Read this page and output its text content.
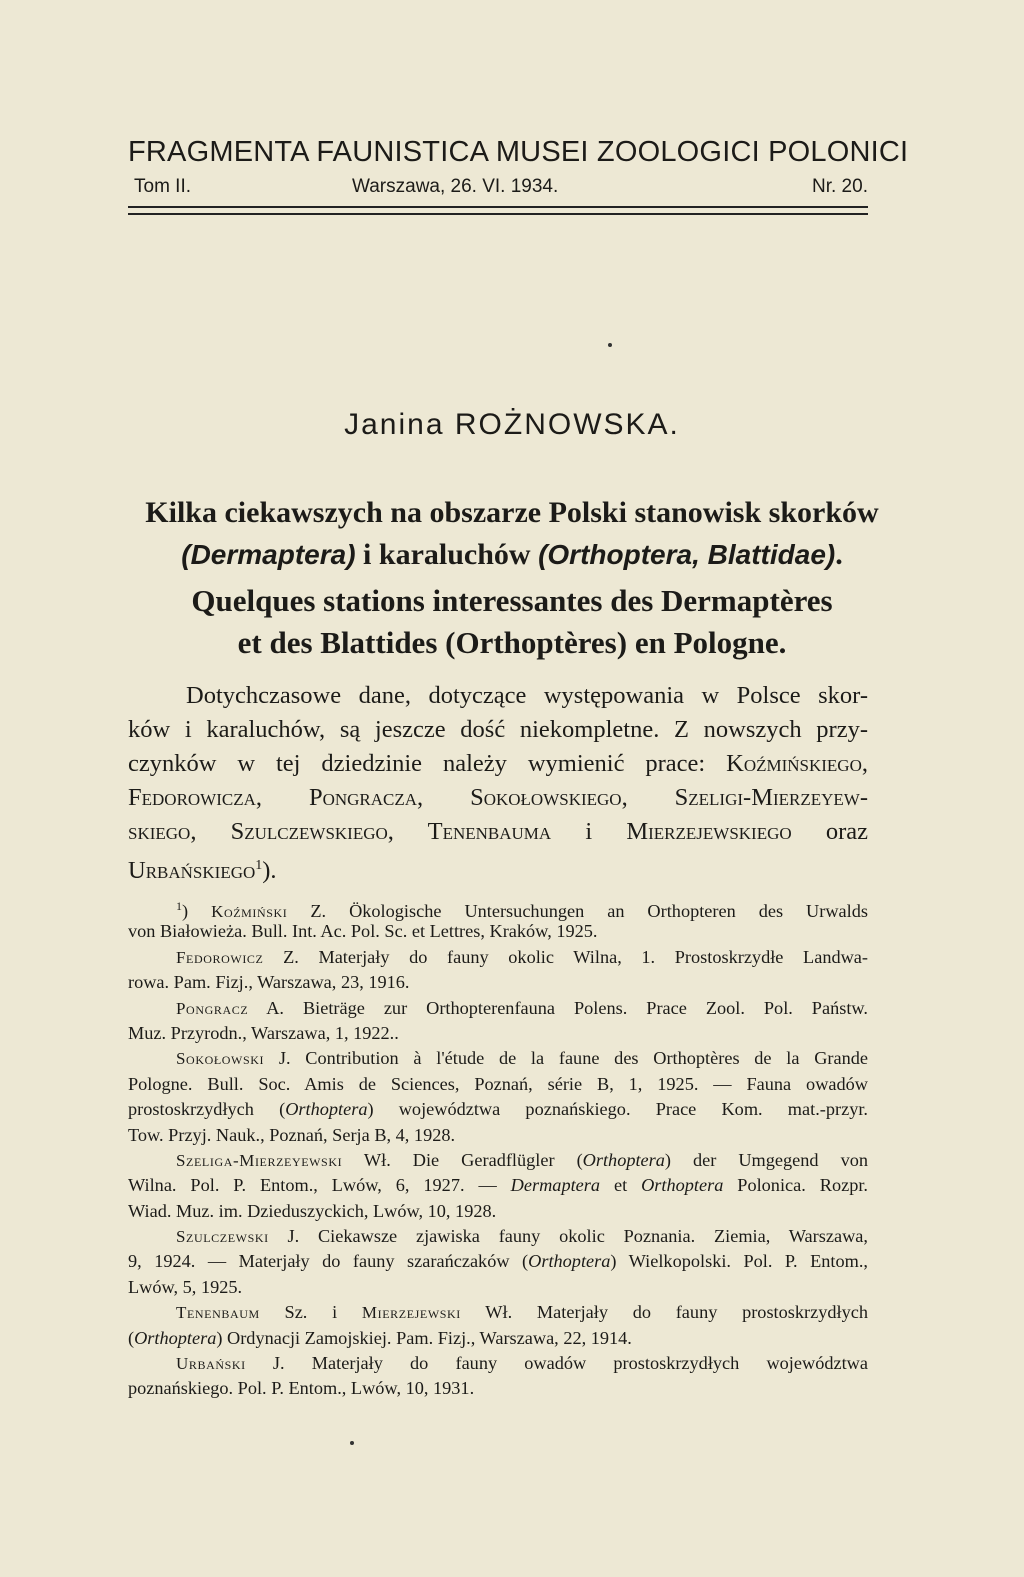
FRAGMENTA FAUNISTICA MUSEI ZOOLOGICI POLONICI
Tom II.	Warszawa, 26. VI. 1934.	Nr. 20.
Janina ROŻNOWSKA.
Kilka ciekawszych na obszarze Polski stanowisk skorków
(Dermaptera) i karaluchów (Orthoptera, Blattidae).
Quelques stations interessantes des Dermaptères
et des Blattides (Orthoptères) en Pologne.
Dotychczasowe dane, dotyczące występowania w Polsce skor-
ków i karaluchów, są jeszcze dość niekompletne. Z nowszych przy-
czynków w tej dziedzinie należy wymienić prace: Koźmińskiego,
Fedorowicza, Pongracza, Sokołowskiego, Szeligi-Mierzeyew-
skiego, Szulczewskiego, Tenenbauma i Mierzejewskiego oraz
Urbańskiego$^1$).
$^1$) Koźmiński Z. Ökologische Untersuchungen an Orthopteren des Urwalds
von Białowieża. Bull. Int. Ac. Pol. Sc. et Lettres, Kraków, 1925.
Fedorowicz Z. Materjały do fauny okolic Wilna, 1. Prostoskrzydłe Landwa-
rowa. Pam. Fizj., Warszawa, 23, 1916.
Pongracz A. Bieträge zur Orthopterenfauna Polens. Prace Zool. Pol. Państw.
Muz. Przyrodn., Warszawa, 1, 1922..
Sokołowski J. Contribution à l'étude de la faune des Orthoptères de la Grande
Pologne. Bull. Soc. Amis de Sciences, Poznań, série B, 1, 1925. — Fauna owadów
prostoskrzydłych (Orthoptera) województwa poznańskiego. Prace Kom. mat.-przyr.
Tow. Przyj. Nauk., Poznań, Serja B, 4, 1928.
Szeliga-Mierzeyewski Wł. Die Geradflügler (Orthoptera) der Umgegend von
Wilna. Pol. P. Entom., Lwów, 6, 1927. — Dermaptera et Orthoptera Polonica. Rozpr.
Wiad. Muz. im. Dzieduszyckich, Lwów, 10, 1928.
Szulczewski J. Ciekawsze zjawiska fauny okolic Poznania. Ziemia, Warszawa,
9, 1924. — Materjały do fauny szarańczaków (Orthoptera) Wielkopolski. Pol. P. Entom.,
Lwów, 5, 1925.
Tenenbaum Sz. i Mierzejewski Wł. Materjały do fauny prostoskrzydłych
(Orthoptera) Ordynacji Zamojskiej. Pam. Fizj., Warszawa, 22, 1914.
Urbański J. Materjały do fauny owadów prostoskrzydłych województwa
poznańskiego. Pol. P. Entom., Lwów, 10, 1931.
